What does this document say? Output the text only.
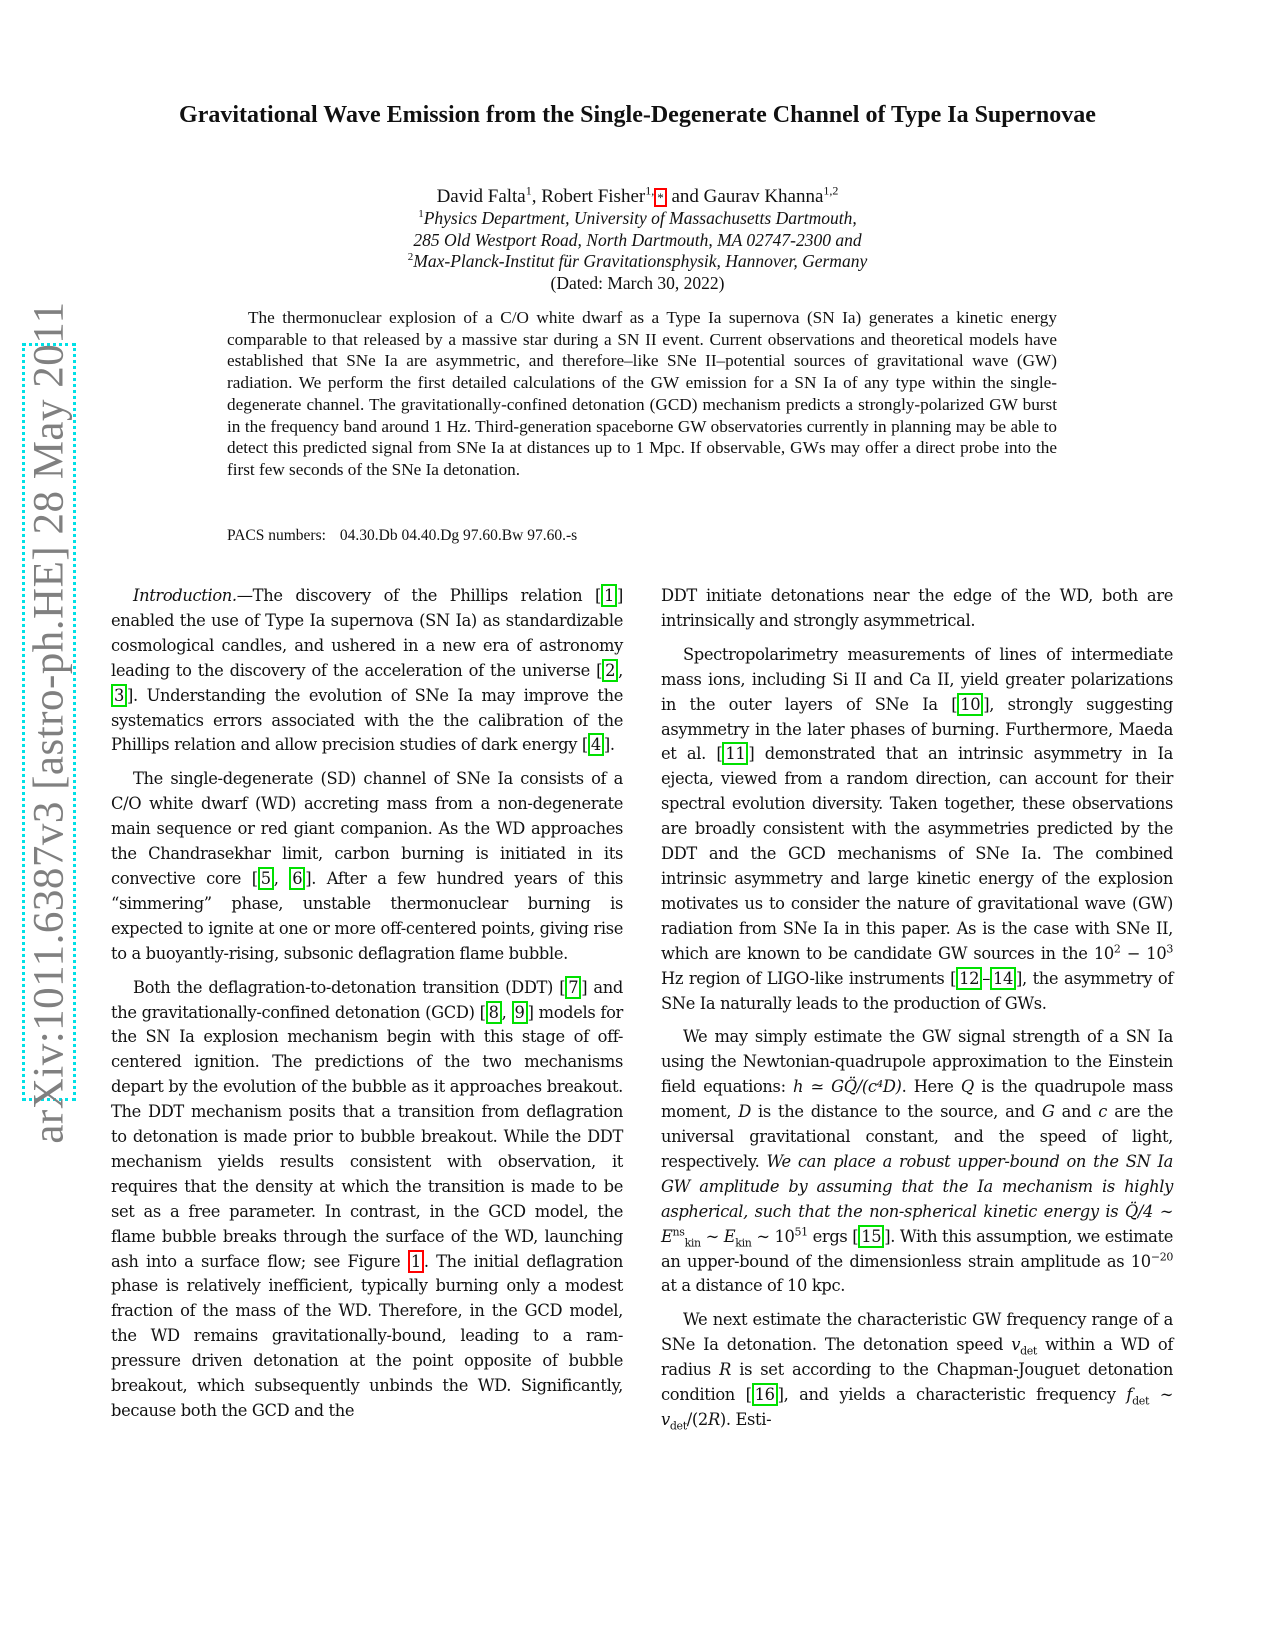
arXiv:1011.6387v3 [astro-ph.HE] 28 May 2011
Gravitational Wave Emission from the Single-Degenerate Channel of Type Ia Supernovae
David Falta$^1$, Robert Fisher$^{1,}$ * and Gaurav Khanna$^{1,2}$
$^1$Physics Department, University of Massachusetts Dartmouth,
285 Old Westport Road, North Dartmouth, MA 02747-2300 and
$^2$Max-Planck-Institut für Gravitationsphysik, Hannover, Germany
(Dated: March 30, 2022)
The thermonuclear explosion of a C/O white dwarf as a Type Ia supernova (SN Ia) generates a kinetic energy comparable to that released by a massive star during a SN II event. Current observations and theoretical models have established that SNe Ia are asymmetric, and therefore–like SNe II–potential sources of gravitational wave (GW) radiation. We perform the first detailed calculations of the GW emission for a SN Ia of any type within the single-degenerate channel. The gravitationally-confined detonation (GCD) mechanism predicts a strongly-polarized GW burst in the frequency band around 1 Hz. Third-generation spaceborne GW observatories currently in planning may be able to detect this predicted signal from SNe Ia at distances up to 1 Mpc. If observable, GWs may offer a direct probe into the first few seconds of the SNe Ia detonation.
PACS numbers: 04.30.Db 04.40.Dg 97.60.Bw 97.60.-s

Introduction.—The discovery of the Phillips relation [ 1 ] enabled the use of Type Ia supernova (SN Ia) as standardizable cosmological candles, and ushered in a new era of astronomy leading to the discovery of the acceleration of the universe [ 2 , 3 ]. Understanding the evolution of SNe Ia may improve the systematics errors associated with the the calibration of the Phillips relation and allow precision studies of dark energy [ 4 ].

The single-degenerate (SD) channel of SNe Ia consists of a C/O white dwarf (WD) accreting mass from a non-degenerate main sequence or red giant companion. As the WD approaches the Chandrasekhar limit, carbon burning is initiated in its convective core [ 5 , 6 ]. After a few hundred years of this “simmering” phase, unstable thermonuclear burning is expected to ignite at one or more off-centered points, giving rise to a buoyantly-rising, subsonic deflagration flame bubble.

Both the deflagration-to-detonation transition (DDT) [ 7 ] and the gravitationally-confined detonation (GCD) [ 8 , 9 ] models for the SN Ia explosion mechanism begin with this stage of off-centered ignition. The predictions of the two mechanisms depart by the evolution of the bubble as it approaches breakout. The DDT mechanism posits that a transition from deflagration to detonation is made prior to bubble breakout. While the DDT mechanism yields results consistent with observation, it requires that the density at which the transition is made to be set as a free parameter. In contrast, in the GCD model, the flame bubble breaks through the surface of the WD, launching ash into a surface flow; see Figure 1 . The initial deflagration phase is relatively inefficient, typically burning only a modest fraction of the mass of the WD. Therefore, in the GCD model, the WD remains gravitationally-bound, leading to a ram-pressure driven detonation at the point opposite of bubble breakout, which subsequently unbinds the WD. Significantly, because both the GCD and the

DDT initiate detonations near the edge of the WD, both are intrinsically and strongly asymmetrical.

Spectropolarimetry measurements of lines of intermediate mass ions, including Si II and Ca II, yield greater polarizations in the outer layers of SNe Ia [ 10 ], strongly suggesting asymmetry in the later phases of burning. Furthermore, Maeda et al. [ 11 ] demonstrated that an intrinsic asymmetry in Ia ejecta, viewed from a random direction, can account for their spectral evolution diversity. Taken together, these observations are broadly consistent with the asymmetries predicted by the DDT and the GCD mechanisms of SNe Ia. The combined intrinsic asymmetry and large kinetic energy of the explosion motivates us to consider the nature of gravitational wave (GW) radiation from SNe Ia in this paper. As is the case with SNe II, which are known to be candidate GW sources in the $10^2 - 10^3$ Hz region of LIGO-like instruments [ 12 – 14 ], the asymmetry of SNe Ia naturally leads to the production of GWs.

We may simply estimate the GW signal strength of a SN Ia using the Newtonian-quadrupole approximation to the Einstein field equations: h ≃ GQ̈/(c⁴D). Here Q is the quadrupole mass moment, D is the distance to the source, and G and c are the universal gravitational constant, and the speed of light, respectively. We can place a robust upper-bound on the SN Ia GW amplitude by assuming that the Ia mechanism is highly aspherical, such that the non-spherical kinetic energy is Q̈/4 ∼ $E^{ns}_{kin}$ ∼ $E_{kin}$ ∼ $10^{51}$ ergs [ 15 ]. With this assumption, we estimate an upper-bound of the dimensionless strain amplitude as $10^{-20}$ at a distance of 10 kpc.

We next estimate the characteristic GW frequency range of a SNe Ia detonation. The detonation speed $v_{det}$ within a WD of radius R is set according to the Chapman-Jouguet detonation condition [ 16 ], and yields a characteristic frequency $f_{det}$ ∼ $v_{det}/(2R)$. Esti-
